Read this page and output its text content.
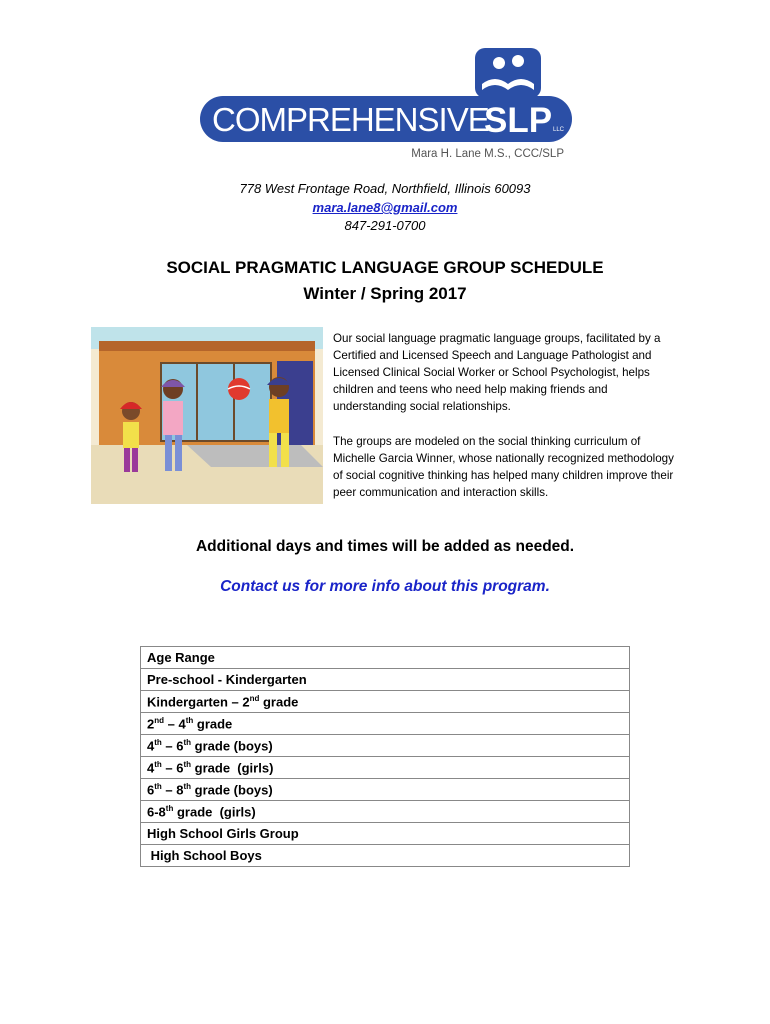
COMPREHENSIVE
SLP LLC
Mara H. Lane M.S., CCC/SLP
778 West Frontage Road, Northfield, Illinois 60093
mara.lane8@gmail.com
847-291-0700
SOCIAL PRAGMATIC LANGUAGE GROUP SCHEDULE
Winter / Spring 2017
Our social language pragmatic language groups, facilitated by a Certified and Licensed Speech and Language Pathologist and Licensed Clinical Social Worker or School Psychologist, helps children and teens who need help making friends and understanding social relationships.
The groups are modeled on the social thinking curriculum of Michelle Garcia Winner, whose nationally recognized methodology of social cognitive thinking has helped many children improve their peer communication and interaction skills.
Additional days and times will be added as needed.
Contact us for more info about this program.
Age Range
Pre-school - Kindergarten
Kindergarten – 2nd grade
2nd – 4th grade
4th – 6th grade (boys)
4th – 6th grade  (girls)
6th – 8th grade (boys)
6-8th grade  (girls)
High School Girls Group
High School Boys
